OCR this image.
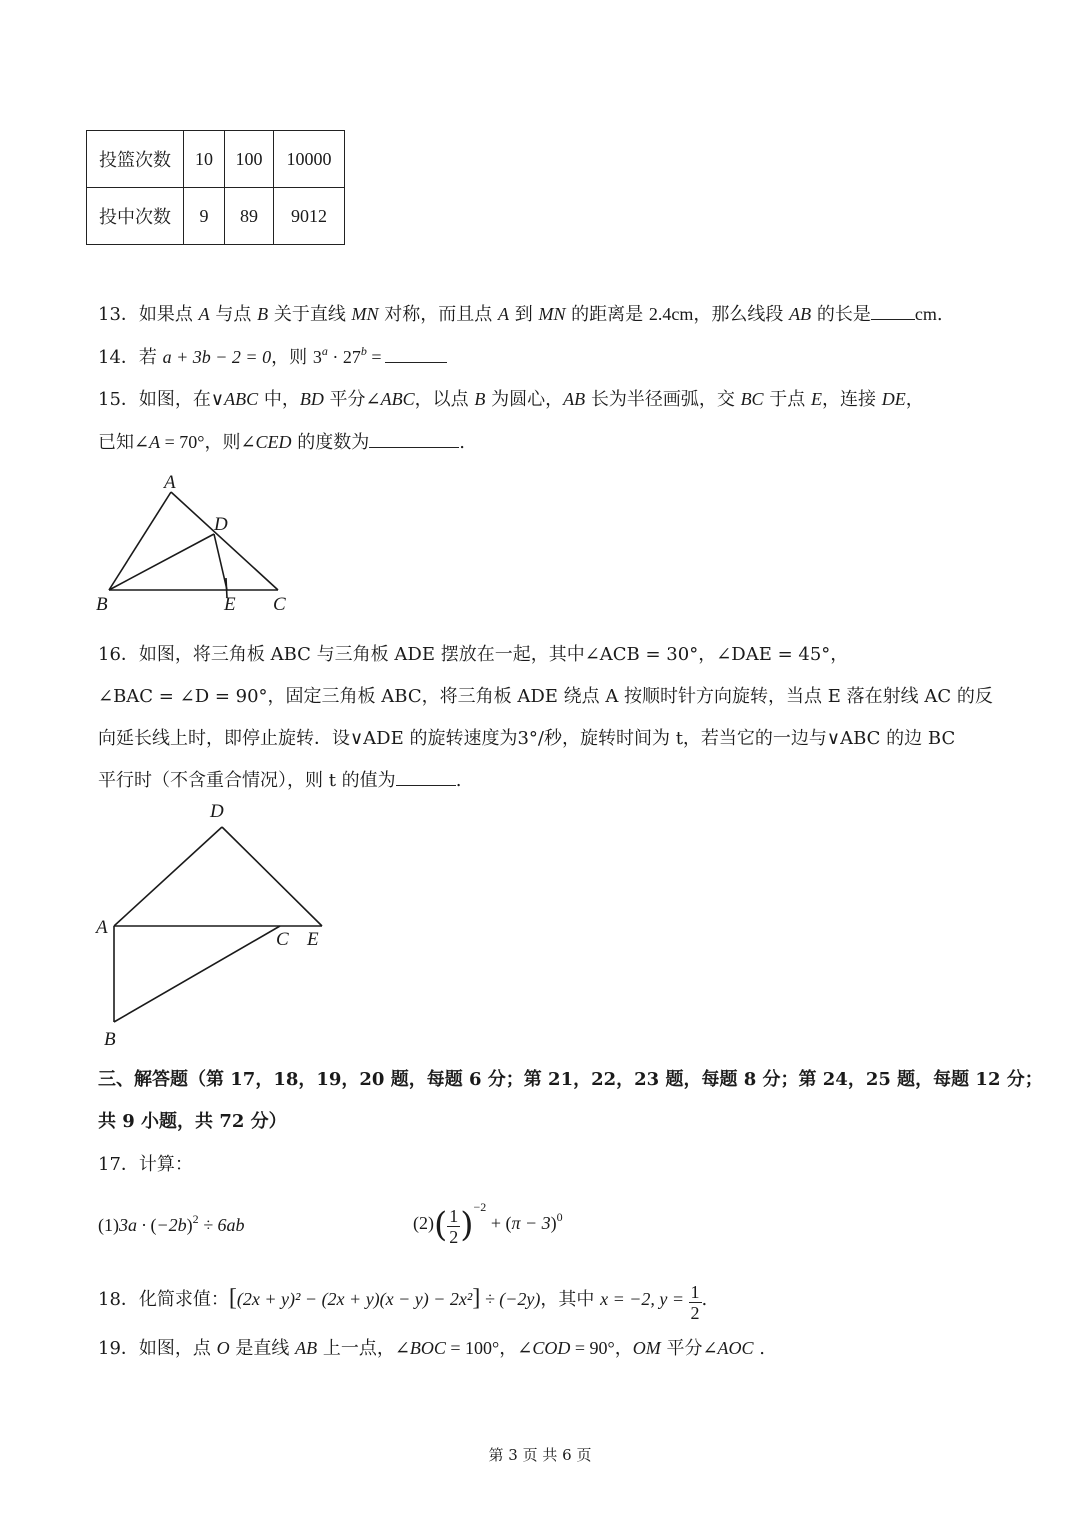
投篮次数	10	100	10000
投中次数	9	89	9012
13．如果点 A 与点 B 关于直线 MN 对称，而且点 A 到 MN 的距离是 2.4cm，那么线段 AB 的长是 cm.
14．若 a + 3b − 2 = 0，则 $3^a \cdot 27^b$ =
15．如图，在∨ABC 中，BD 平分∠ABC，以点 B 为圆心，AB 长为半径画弧，交 BC 于点 E，连接 DE，
已知∠A = 70°，则∠CED 的度数为	.
A
D
B	E C
16．如图，将三角板 ABC 与三角板 ADE 摆放在一起，其中∠ACB = 30°，∠DAE = 45°，
∠BAC = ∠D = 90°，固定三角板 ABC，将三角板 ADE 绕点 A 按顺时针方向旋转，当点 E 落在射线 AC 的反
向延长线上时，即停止旋转．设∨ADE 的旋转速度为3°/秒，旋转时间为 t，若当它的一边与∨ABC 的边 BC
平行时（不含重合情况），则 t 的值为	.
D
A
C E
B
三、解答题（第 17，18，19，20 题，每题 6 分；第 21，22，23 题，每题 8 分；第 24，25 题，每题 12 分；
共 9 小题，共 72 分）
17．计算：
$(1)3a \cdot (-2b)^2 \div 6ab$	$(2)( \frac{1}{2} )^{-2} + (\pi - 3)^0$
18．化简求值：[(2x + y)² − (2x + y)(x − y) − 2x²] ÷ (−2y)，其中 x = −2, $y = \frac{1}{2}$ .
19．如图，点 O 是直线 AB 上一点，∠BOC = 100°，∠COD = 90°，OM 平分∠AOC .
第 3 页 共 6 页
